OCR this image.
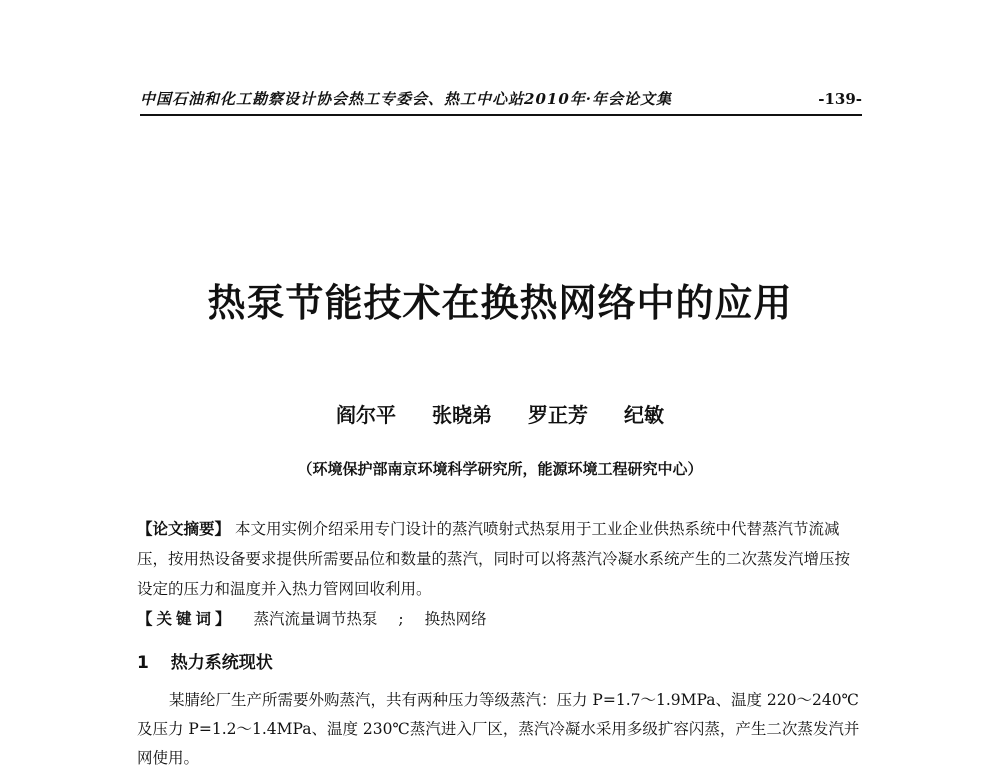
中国石油和化工勘察设计协会热工专委会、热工中心站2010年·年会论文集	-139-
热泵节能技术在换热网络中的应用
阎尔平 张晓弟 罗正芳 纪敏
（环境保护部南京环境科学研究所，能源环境工程研究中心）
【论文摘要】 本文用实例介绍采用专门设计的蒸汽喷射式热泵用于工业企业供热系统中代替蒸汽节流减压，按用热设备要求提供所需要品位和数量的蒸汽，同时可以将蒸汽冷凝水系统产生的二次蒸发汽增压按设定的压力和温度并入热力管网回收利用。
【关键词】 蒸汽流量调节热泵 ; 换热网络
1 热力系统现状
某腈纶厂生产所需要外购蒸汽，共有两种压力等级蒸汽：压力 P=1.7～1.9MPa、温度 220～240℃及压力 P=1.2～1.4MPa、温度 230℃蒸汽进入厂区，蒸汽冷凝水采用多级扩容闪蒸，产生二次蒸发汽并网使用。
